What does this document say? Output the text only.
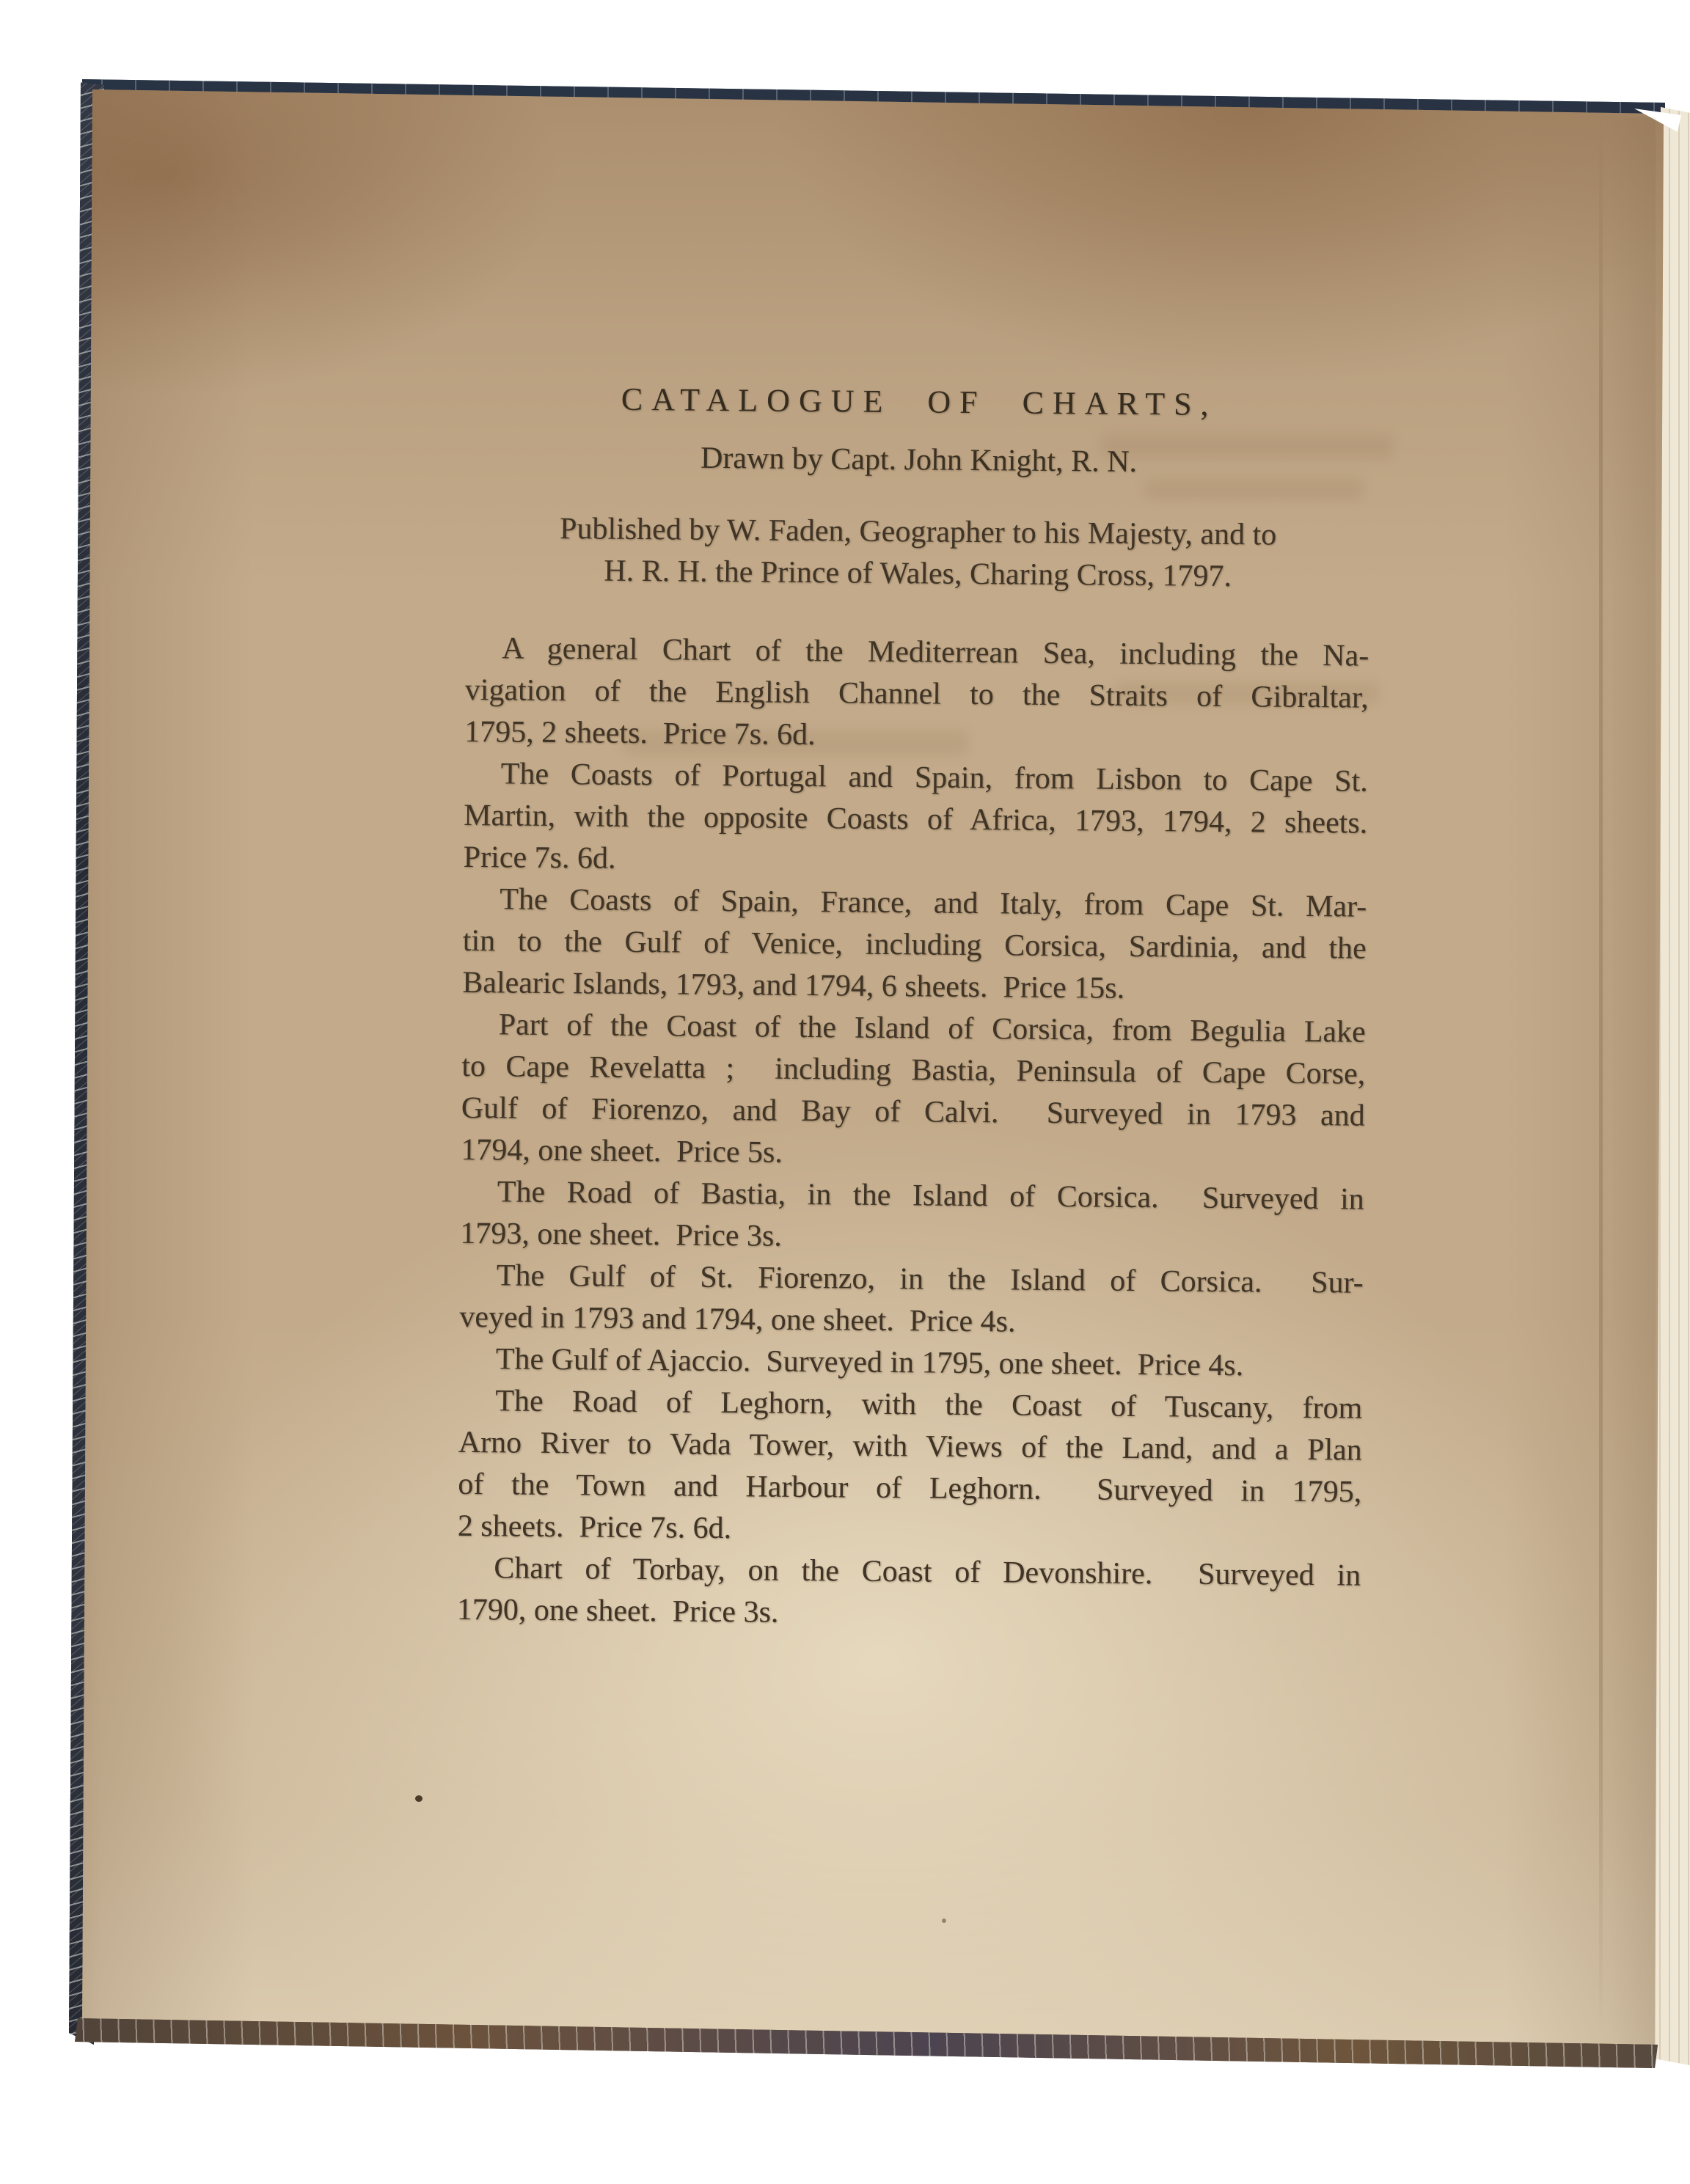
CATALOGUE OF CHARTS,
Drawn by Capt. John Knight, R. N.
Published by W. Faden, Geographer to his Majesty, and to
H. R. H. the Prince of Wales, Charing Cross, 1797.
A general Chart of the Mediterrean Sea, including the Na-
vigation of the English Channel to the Straits of Gibraltar,
1795, 2 sheets.  Price 7s. 6d.
The Coasts of Portugal and Spain, from Lisbon to Cape St.
Martin, with the opposite Coasts of Africa, 1793, 1794, 2 sheets.
Price 7s. 6d.
The Coasts of Spain, France, and Italy, from Cape St. Mar-
tin to the Gulf of Venice, including Corsica, Sardinia, and the
Balearic Islands, 1793, and 1794, 6 sheets.  Price 15s.
Part of the Coast of the Island of Corsica, from Begulia Lake
to Cape Revelatta ;  including Bastia, Peninsula of Cape Corse,
Gulf of Fiorenzo, and Bay of Calvi.  Surveyed in 1793 and
1794, one sheet.  Price 5s.
The Road of Bastia, in the Island of Corsica.  Surveyed in
1793, one sheet.  Price 3s.
The Gulf of St. Fiorenzo, in the Island of Corsica.  Sur-
veyed in 1793 and 1794, one sheet.  Price 4s.
The Gulf of Ajaccio.  Surveyed in 1795, one sheet.  Price 4s.
The Road of Leghorn, with the Coast of Tuscany, from
Arno River to Vada Tower, with Views of the Land, and a Plan
of the Town and Harbour of Leghorn.  Surveyed in 1795,
2 sheets.  Price 7s. 6d.
Chart of Torbay, on the Coast of Devonshire.  Surveyed in
1790, one sheet.  Price 3s.
